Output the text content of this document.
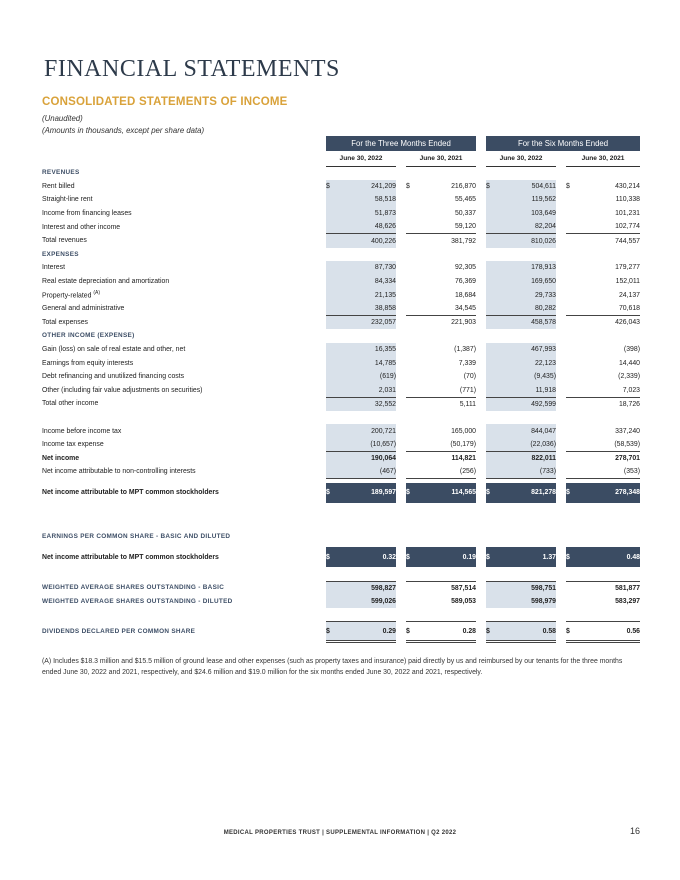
FINANCIAL STATEMENTS
CONSOLIDATED STATEMENTS OF INCOME
(Unaudited)
(Amounts in thousands, except per share data)
	For the Three Months Ended						For the Six Months Ended				
	June 30, 2022			June 30, 2021			June 30, 2022			June 30, 2021	
REVENUES											
Rent billed	$	241,209		$	216,870		$	504,611		$	430,214
Straight-line rent		58,518			55,465			119,562			110,338
Income from financing leases		51,873			50,337			103,649			101,231
Interest and other income		48,626			59,120			82,204			102,774
Total revenues		400,226			381,792			810,026			744,557
EXPENSES											
Interest		87,730			92,305			178,913			179,277
Real estate depreciation and amortization		84,334			76,369			169,650			152,011
Property-related $^{(A)}$		21,135			18,684			29,733			24,137
General and administrative		38,858			34,545			80,282			70,618
Total expenses		232,057			221,903			458,578			426,043
OTHER INCOME (EXPENSE)											
Gain (loss) on sale of real estate and other, net		16,355			(1,387)			467,993			(398)
Earnings from equity interests		14,785			7,339			22,123			14,440
Debt refinancing and unutilized financing costs		(619)			(70)			(9,435)			(2,339)
Other (including fair value adjustments on securities)		2,031			(771)			11,918			7,023
Total other income		32,552			5,111			492,599			18,726

Income before income tax		200,721			165,000			844,047			337,240
Income tax expense		(10,657)			(50,179)			(22,036)			(58,539)
Net income		190,064			114,821			822,011			278,701
Net income attributable to non-controlling interests		(467)			(256)			(733)			(353)

Net income attributable to MPT common stockholders	$	189,597		$	114,565		$	821,278		$	278,348

EARNINGS PER COMMON SHARE - BASIC AND DILUTED											

Net income attributable to MPT common stockholders	$	0.32		$	0.19		$	1.37		$	0.48

WEIGHTED AVERAGE SHARES OUTSTANDING - BASIC		598,827			587,514			598,751			581,877
WEIGHTED AVERAGE SHARES OUTSTANDING - DILUTED		599,026			589,053			598,979			583,297

DIVIDENDS DECLARED PER COMMON SHARE	$	0.29		$	0.28		$	0.58		$	0.56
(A) Includes $18.3 million and $15.5 million of ground lease and other expenses (such as property taxes and insurance) paid directly by us and reimbursed by our tenants for the three months ended June 30, 2022 and 2021, respectively, and $24.6 million and $19.0 million for the six months ended June 30, 2022 and 2021, respectively.
MEDICAL PROPERTIES TRUST | SUPPLEMENTAL INFORMATION | Q2 2022	16
